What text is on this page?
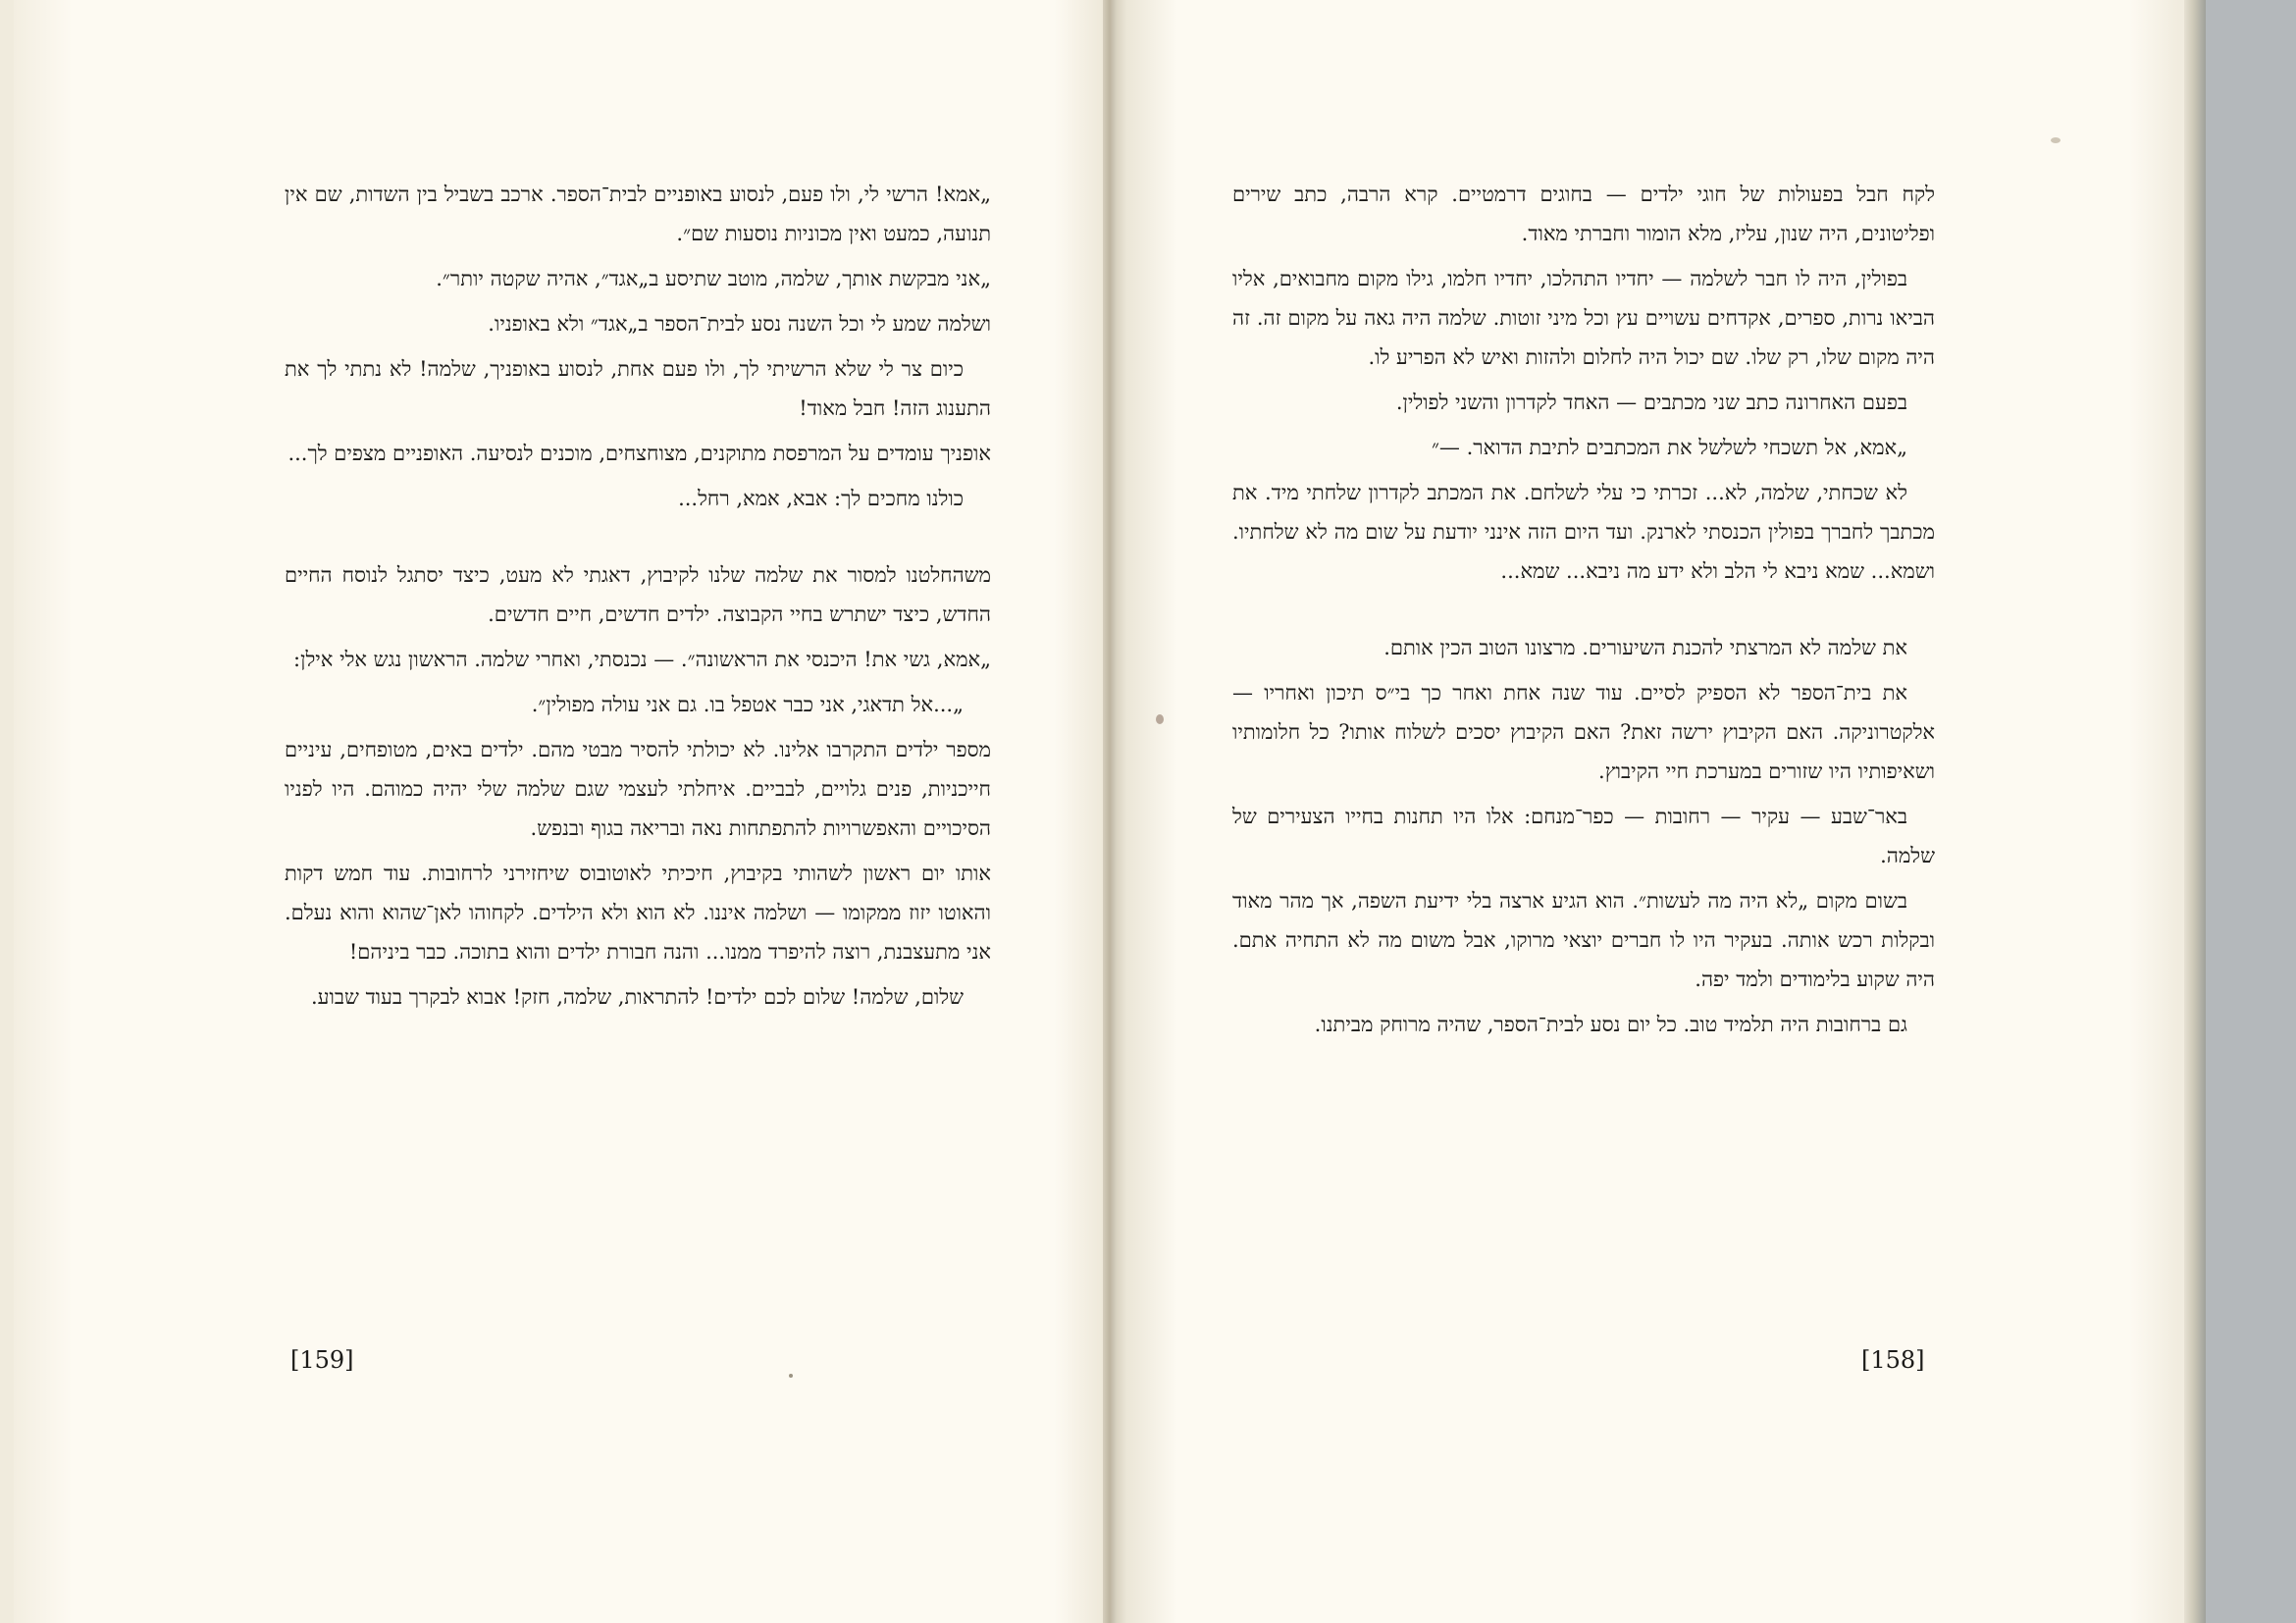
„אמא! הרשי לי, ולו פעם, לנסוע באופניים לבית־הספר. ארכב בשביל בין השדות, שם אין תנועה, כמעט ואין מכוניות נוסעות שם״.

„אני מבקשת אותך, שלמה, מוטב שתיסע ב„אגד״, אהיה שקטה יותר״.

ושלמה שמע לי וכל השנה נסע לבית־הספר ב„אגד״ ולא באופניו.

כיום צר לי שלא הרשיתי לך, ולו פעם אחת, לנסוע באופניך, שלמה! לא נתתי לך את התענוג הזה! חבל מאוד!

אופניך עומדים על המרפסת מתוקנים, מצוחצחים, מוכנים לנסיעה. האופניים מצפים לך...

כולנו מחכים לך: אבא, אמא, רחל...

משהחלטנו למסור את שלמה שלנו לקיבוץ, דאגתי לא מעט, כיצד יסתגל לנוסח החיים החדש, כיצד ישתרש בחיי הקבוצה. ילדים חדשים, חיים חדשים.

„אמא, גשי את! היכנסי את הראשונה״. — נכנסתי, ואחרי שלמה. הראשון נגש אלי אילן:

„...אל תדאגי, אני כבר אטפל בו. גם אני עולה מפולין״.

מספר ילדים התקרבו אלינו. לא יכולתי להסיר מבטי מהם. ילדים באים, מטופחים, עיניים חייכניות, פנים גלויים, לבביים. איחלתי לעצמי שגם שלמה שלי יהיה כמוהם. היו לפניו הסיכויים והאפשרויות להתפתחות נאה ובריאה בגוף ובנפש.

אותו יום ראשון לשהותי בקיבוץ, חיכיתי לאוטובוס שיחזירני לרחובות. עוד חמש דקות והאוטו יזוז ממקומו — ושלמה איננו. לא הוא ולא הילדים. לקחוהו לאן־שהוא והוא נעלם. אני מתעצבנת, רוצה להיפרד ממנו... והנה חבורת ילדים והוא בתוכה. כבר ביניהם!

שלום, שלמה! שלום לכם ילדים! להתראות, שלמה, חזק! אבוא לבקרך בעוד שבוע.

לקח חבל בפעולות של חוגי ילדים — בחוגים דרמטיים. קרא הרבה, כתב שירים ופליטונים, היה שנון, עליז, מלא הומור וחברתי מאוד.

בפולין, היה לו חבר לשלמה — יחדיו התהלכו, יחדיו חלמו, גילו מקום מחבואים, אליו הביאו נרות, ספרים, אקדחים עשויים עץ וכל מיני זוטות. שלמה היה גאה על מקום זה. זה היה מקום שלו, רק שלו. שם יכול היה לחלום ולהזות ואיש לא הפריע לו.

בפעם האחרונה כתב שני מכתבים — האחד לקדרון והשני לפולין.

„אמא, אל תשכחי לשלשל את המכתבים לתיבת הדואר. —״

לא שכחתי, שלמה, לא... זכרתי כי עלי לשלחם. את המכתב לקדרון שלחתי מיד. את מכתבך לחברך בפולין הכנסתי לארנק. ועד היום הזה אינני יודעת על שום מה לא שלחתיו. ושמא... שמא ניבא לי הלב ולא ידע מה ניבא... שמא...

את שלמה לא המרצתי להכנת השיעורים. מרצונו הטוב הכין אותם.

את בית־הספר לא הספיק לסיים. עוד שנה אחת ואחר כך בי״ס תיכון ואחריו — אלקטרוניקה. האם הקיבוץ ירשה זאת? האם הקיבוץ יסכים לשלוח אותו? כל חלומותיו ושאיפותיו היו שזורים במערכת חיי הקיבוץ.

באר־שבע — עקיר — רחובות — כפר־מנחם: אלו היו תחנות בחייו הצעירים של שלמה.

בשום מקום „לא היה מה לעשות״. הוא הגיע ארצה בלי ידיעת השפה, אך מהר מאוד ובקלות רכש אותה. בעקיר היו לו חברים יוצאי מרוקו, אבל משום מה לא התחיה אתם. היה שקוע בלימודים ולמד יפה.

גם ברחובות היה תלמיד טוב. כל יום נסע לבית־הספר, שהיה מרוחק מביתנו.

[159]	[158]
